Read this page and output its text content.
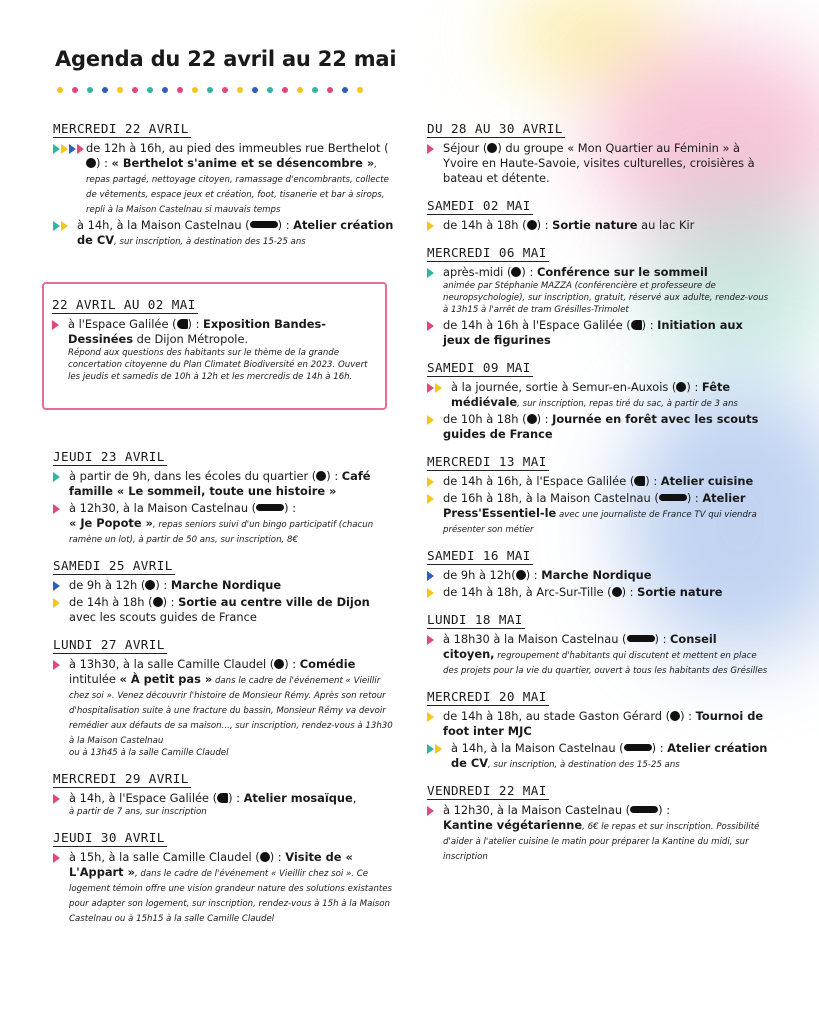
Agenda du 22 avril au 22 mai
MERCREDI 22 AVRIL
de 12h à 16h, au pied des immeubles rue Berthelot () : « Berthelot s'anime et se désencombre », repas partagé, nettoyage citoyen, ramassage d'encombrants, collecte de vêtements, espace jeux et création, foot, tisanerie et bar à sirops, repli à la Maison Castelnau si mauvais temps
à 14h, à la Maison Castelnau ( ) : Atelier création de CV, sur inscription, à destination des 15-25 ans
22 AVRIL AU 02 MAI
à l'Espace Galilée ( ) : Exposition Bandes-Dessinées de Dijon Métropole.
Répond aux questions des habitants sur le thème de la grande concertation citoyenne du Plan Climatet Biodiversité en 2023. Ouvert les jeudis et samedis de 10h à 12h et les mercredis de 14h à 16h.
JEUDI 23 AVRIL
à partir de 9h, dans les écoles du quartier ( ) : Café famille « Le sommeil, toute une histoire »
à 12h30, à la Maison Castelnau ( ) :
« Je Popote », repas seniors suivi d'un bingo participatif (chacun ramène un lot), à partir de 50 ans, sur inscription, 8€
SAMEDI 25 AVRIL
de 9h à 12h ( ) : Marche Nordique
de 14h à 18h ( ) : Sortie au centre ville de Dijon avec les scouts guides de France
LUNDI 27 AVRIL
à 13h30, à la salle Camille Claudel ( ) : Comédie intitulée « À petit pas » dans le cadre de l'événement « Vieillir chez soi ». Venez découvrir l'histoire de Monsieur Rémy. Après son retour d'hospitalisation suite à une fracture du bassin, Monsieur Rémy va devoir remédier aux défauts de sa maison..., sur inscription, rendez-vous à 13h30 à la Maison Castelnau
ou à 13h45 à la salle Camille Claudel
MERCREDI 29 AVRIL
à 14h, à l'Espace Galilée ( ) : Atelier mosaïque,
à partir de 7 ans, sur inscription
JEUDI 30 AVRIL
à 15h, à la salle Camille Claudel ( ) : Visite de « L'Appart », dans le cadre de l'événement « Vieillir chez soi ». Ce logement témoin offre une vision grandeur nature des solutions existantes pour adapter son logement, sur inscription, rendez-vous à 15h à la Maison Castelnau ou à 15h15 à la salle Camille Claudel
DU 28 AU 30 AVRIL
Séjour ( ) du groupe « Mon Quartier au Féminin » à Yvoire en Haute-Savoie, visites culturelles, croisières à bateau et détente.
SAMEDI 02 MAI
de 14h à 18h ( ) : Sortie nature au lac Kir
MERCREDI 06 MAI
après-midi ( ) : Conférence sur le sommeil
animée par Stéphanie MAZZA (conférencière et professeure de neuropsychologie), sur inscription, gratuit, réservé aux adulte, rendez-vous à 13h15 à l'arrêt de tram Grésilles-Trimolet
de 14h à 16h à l'Espace Galilée ( ) : Initiation aux jeux de figurines
SAMEDI 09 MAI
à la journée, sortie à Semur-en-Auxois ( ) : Fête médiévale, sur inscription, repas tiré du sac, à partir de 3 ans
de 10h à 18h ( ) : Journée en forêt avec les scouts guides de France
MERCREDI 13 MAI
de 14h à 16h, à l'Espace Galilée ( ) : Atelier cuisine
de 16h à 18h, à la Maison Castelnau ( ) : Atelier Press'Essentiel-le avec une journaliste de France TV qui viendra présenter son métier
SAMEDI 16 MAI
de 9h à 12h( ) : Marche Nordique
de 14h à 18h, à Arc-Sur-Tille ( ) : Sortie nature
LUNDI 18 MAI
à 18h30 à la Maison Castelnau ( ) : Conseil citoyen, regroupement d'habitants qui discutent et mettent en place des projets pour la vie du quartier, ouvert à tous les habitants des Grésilles
MERCREDI 20 MAI
de 14h à 18h, au stade Gaston Gérard ( ) : Tournoi de foot inter MJC
à 14h, à la Maison Castelnau ( ) : Atelier création de CV, sur inscription, à destination des 15-25 ans
VENDREDI 22 MAI
à 12h30, à la Maison Castelnau ( ) :
Kantine végétarienne, 6€ le repas et sur inscription. Possibilité d'aider à l'atelier cuisine le matin pour préparer la Kantine du midi, sur inscription
